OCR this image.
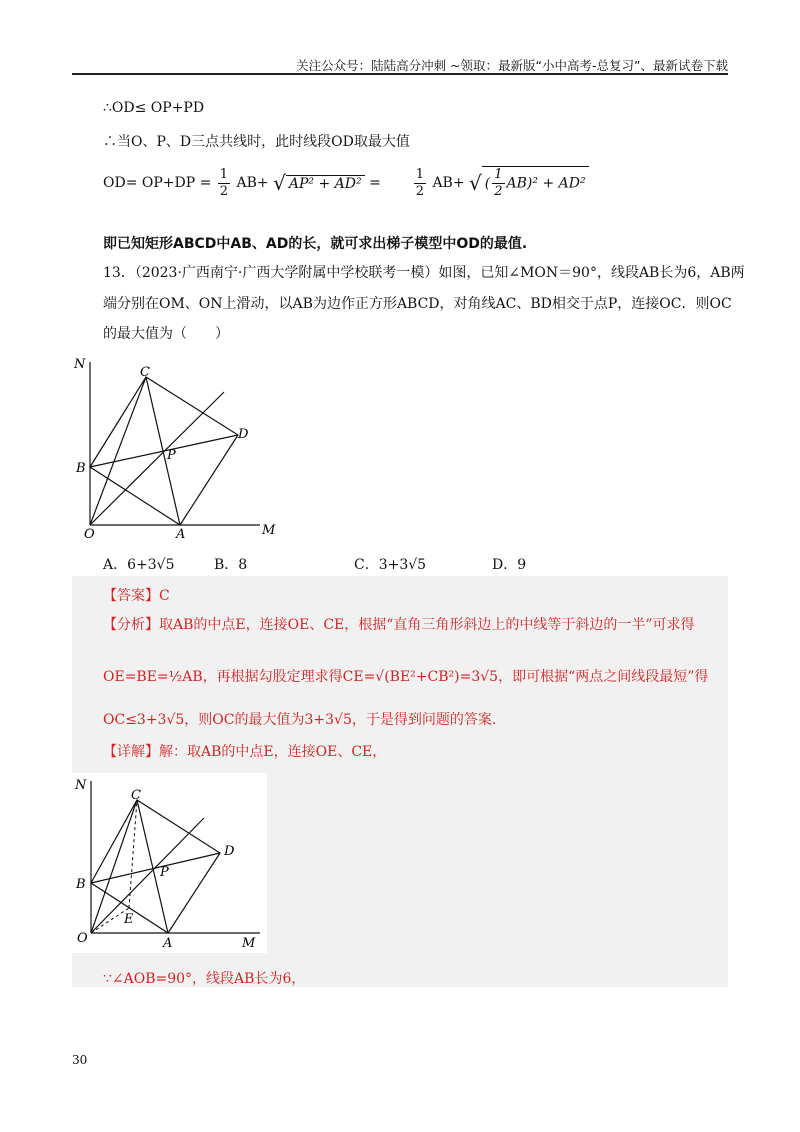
关注公众号：陆陆高分冲刺 ~领取：最新版“小中高考-总复习”、最新试卷下载
∴OD≤ OP+PD
∴当O、P、D三点共线时，此时线段OD取最大值
$OD= OP+DP = \frac{1}{2} AB+$ √ AP² + AD² =	$\frac{1}{2} AB+$ √ ( $\frac{1}{2} AB)^2 + AD^2$
即已知矩形ABCD中AB、AD的长，就可求出梯子模型中OD的最值.
13．（2023·广西南宁·广西大学附属中学校联考一模）如图，已知∠MON＝90°，线段AB长为6，AB两
端分别在OM、ON上滑动，以AB为边作正方形ABCD，对角线AC、BD相交于点P，连接OC．则OC
的最大值为（　　）
N
C
D
B
P
O	A	M
A．6+3√5	B．8	C．3+3√5	D．9
【答案】C
【分析】取AB的中点E，连接OE、CE，根据“直角三角形斜边上的中线等于斜边的一半”可求得
OE=BE=½AB，再根据勾股定理求得CE=√(BE²+CB²)=3√5，即可根据“两点之间线段最短”得
OC≤3+3√5，则OC的最大值为3+3√5，于是得到问题的答案.
【详解】解：取AB的中点E，连接OE、CE，
N
C
D
B
P
E
O	A	M
∵∠AOB=90°，线段AB长为6，
30
